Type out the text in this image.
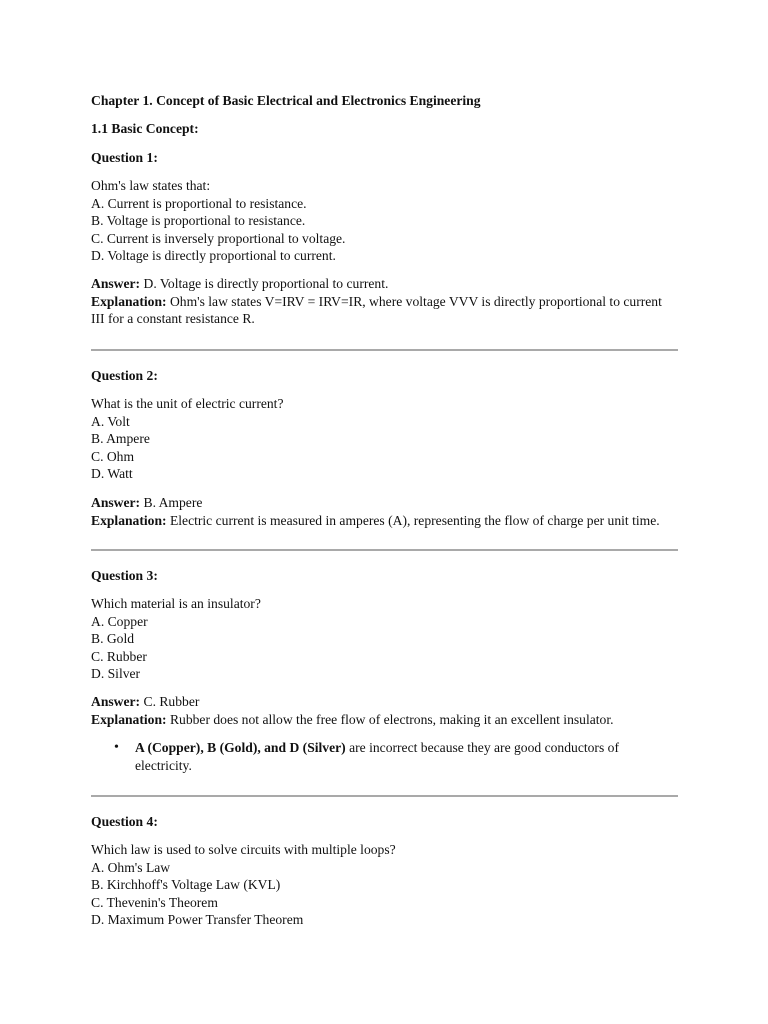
Chapter 1. Concept of Basic Electrical and Electronics Engineering
1.1 Basic Concept:
Question 1:
Ohm's law states that:
A. Current is proportional to resistance.
B. Voltage is proportional to resistance.
C. Current is inversely proportional to voltage.
D. Voltage is directly proportional to current.
Answer: D. Voltage is directly proportional to current.
Explanation: Ohm's law states V=IRV = IRV=IR, where voltage VVV is directly proportional to current
III for a constant resistance R.
Question 2:
What is the unit of electric current?
A. Volt
B. Ampere
C. Ohm
D. Watt
Answer: B. Ampere
Explanation: Electric current is measured in amperes (A), representing the flow of charge per unit time.
Question 3:
Which material is an insulator?
A. Copper
B. Gold
C. Rubber
D. Silver
Answer: C. Rubber
Explanation: Rubber does not allow the free flow of electrons, making it an excellent insulator.
• A (Copper), B (Gold), and D (Silver) are incorrect because they are good conductors of
electricity.
Question 4:
Which law is used to solve circuits with multiple loops?
A. Ohm's Law
B. Kirchhoff's Voltage Law (KVL)
C. Thevenin's Theorem
D. Maximum Power Transfer Theorem
